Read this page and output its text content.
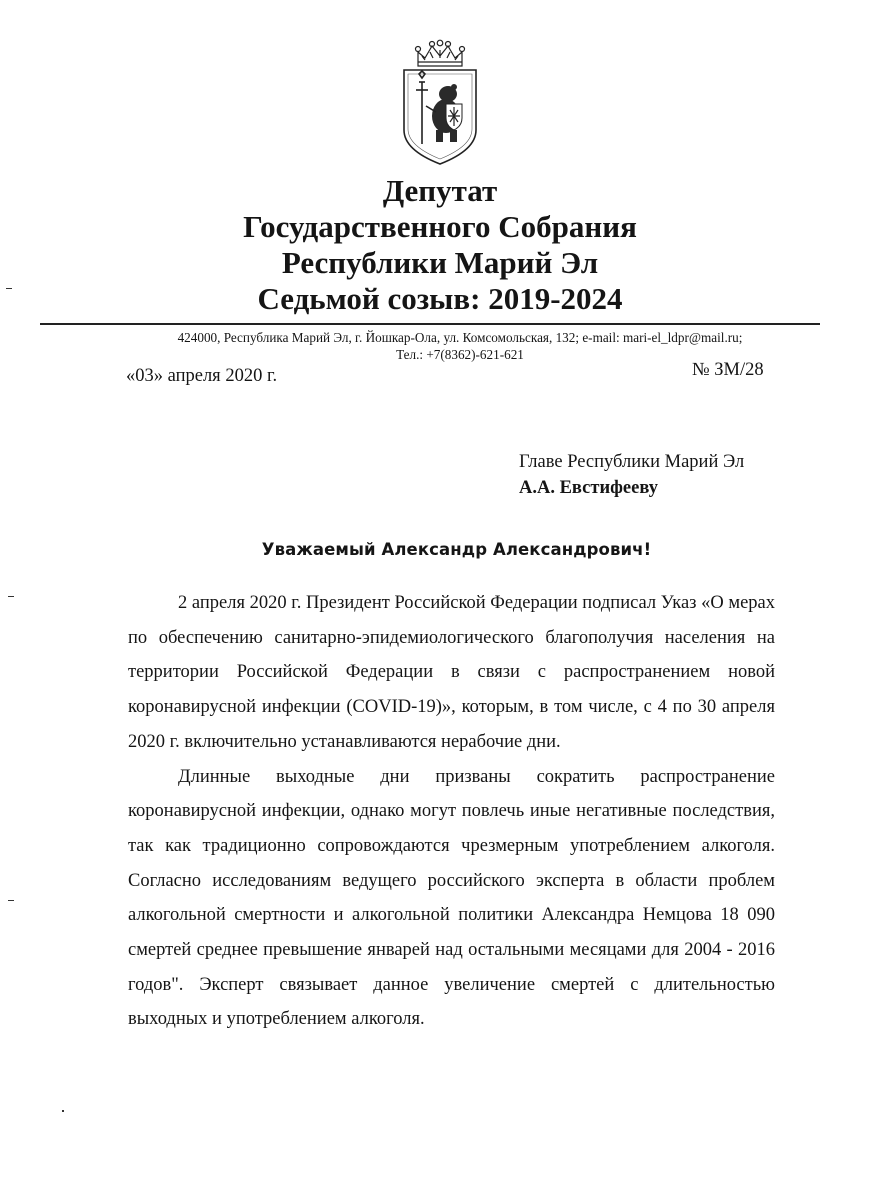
Депутат
Государственного Собрания
Республики Марий Эл
Седьмой созыв: 2019-2024
424000, Республика Марий Эл, г. Йошкар-Ола, ул. Комсомольская, 132; e-mail: mari-el_ldpr@mail.ru;
Тел.: +7(8362)-621-621
«03» апреля 2020 г.	№ ЗМ/28
Главе Республики Марий Эл
А.А. Евстифееву
Уважаемый Александр Александрович!

2 апреля 2020 г. Президент Российской Федерации подписал Указ «О мерах по обеспечению санитарно-эпидемиологического благополучия населения на территории Российской Федерации в связи с распространением новой коронавирусной инфекции (COVID-19)», которым, в том числе, с 4 по 30 апреля 2020 г. включительно устанавливаются нерабочие дни.

Длинные выходные дни призваны сократить распространение коронавирусной инфекции, однако могут повлечь иные негативные последствия, так как традиционно сопровождаются чрезмерным употреблением алкоголя. Согласно исследованиям ведущего российского эксперта в области проблем алкогольной смертности и алкогольной политики Александра Немцова 18 090 смертей среднее превышение январей над остальными месяцами для 2004 - 2016 годов". Эксперт связывает данное увеличение смертей с длительностью выходных и употреблением алкоголя.
